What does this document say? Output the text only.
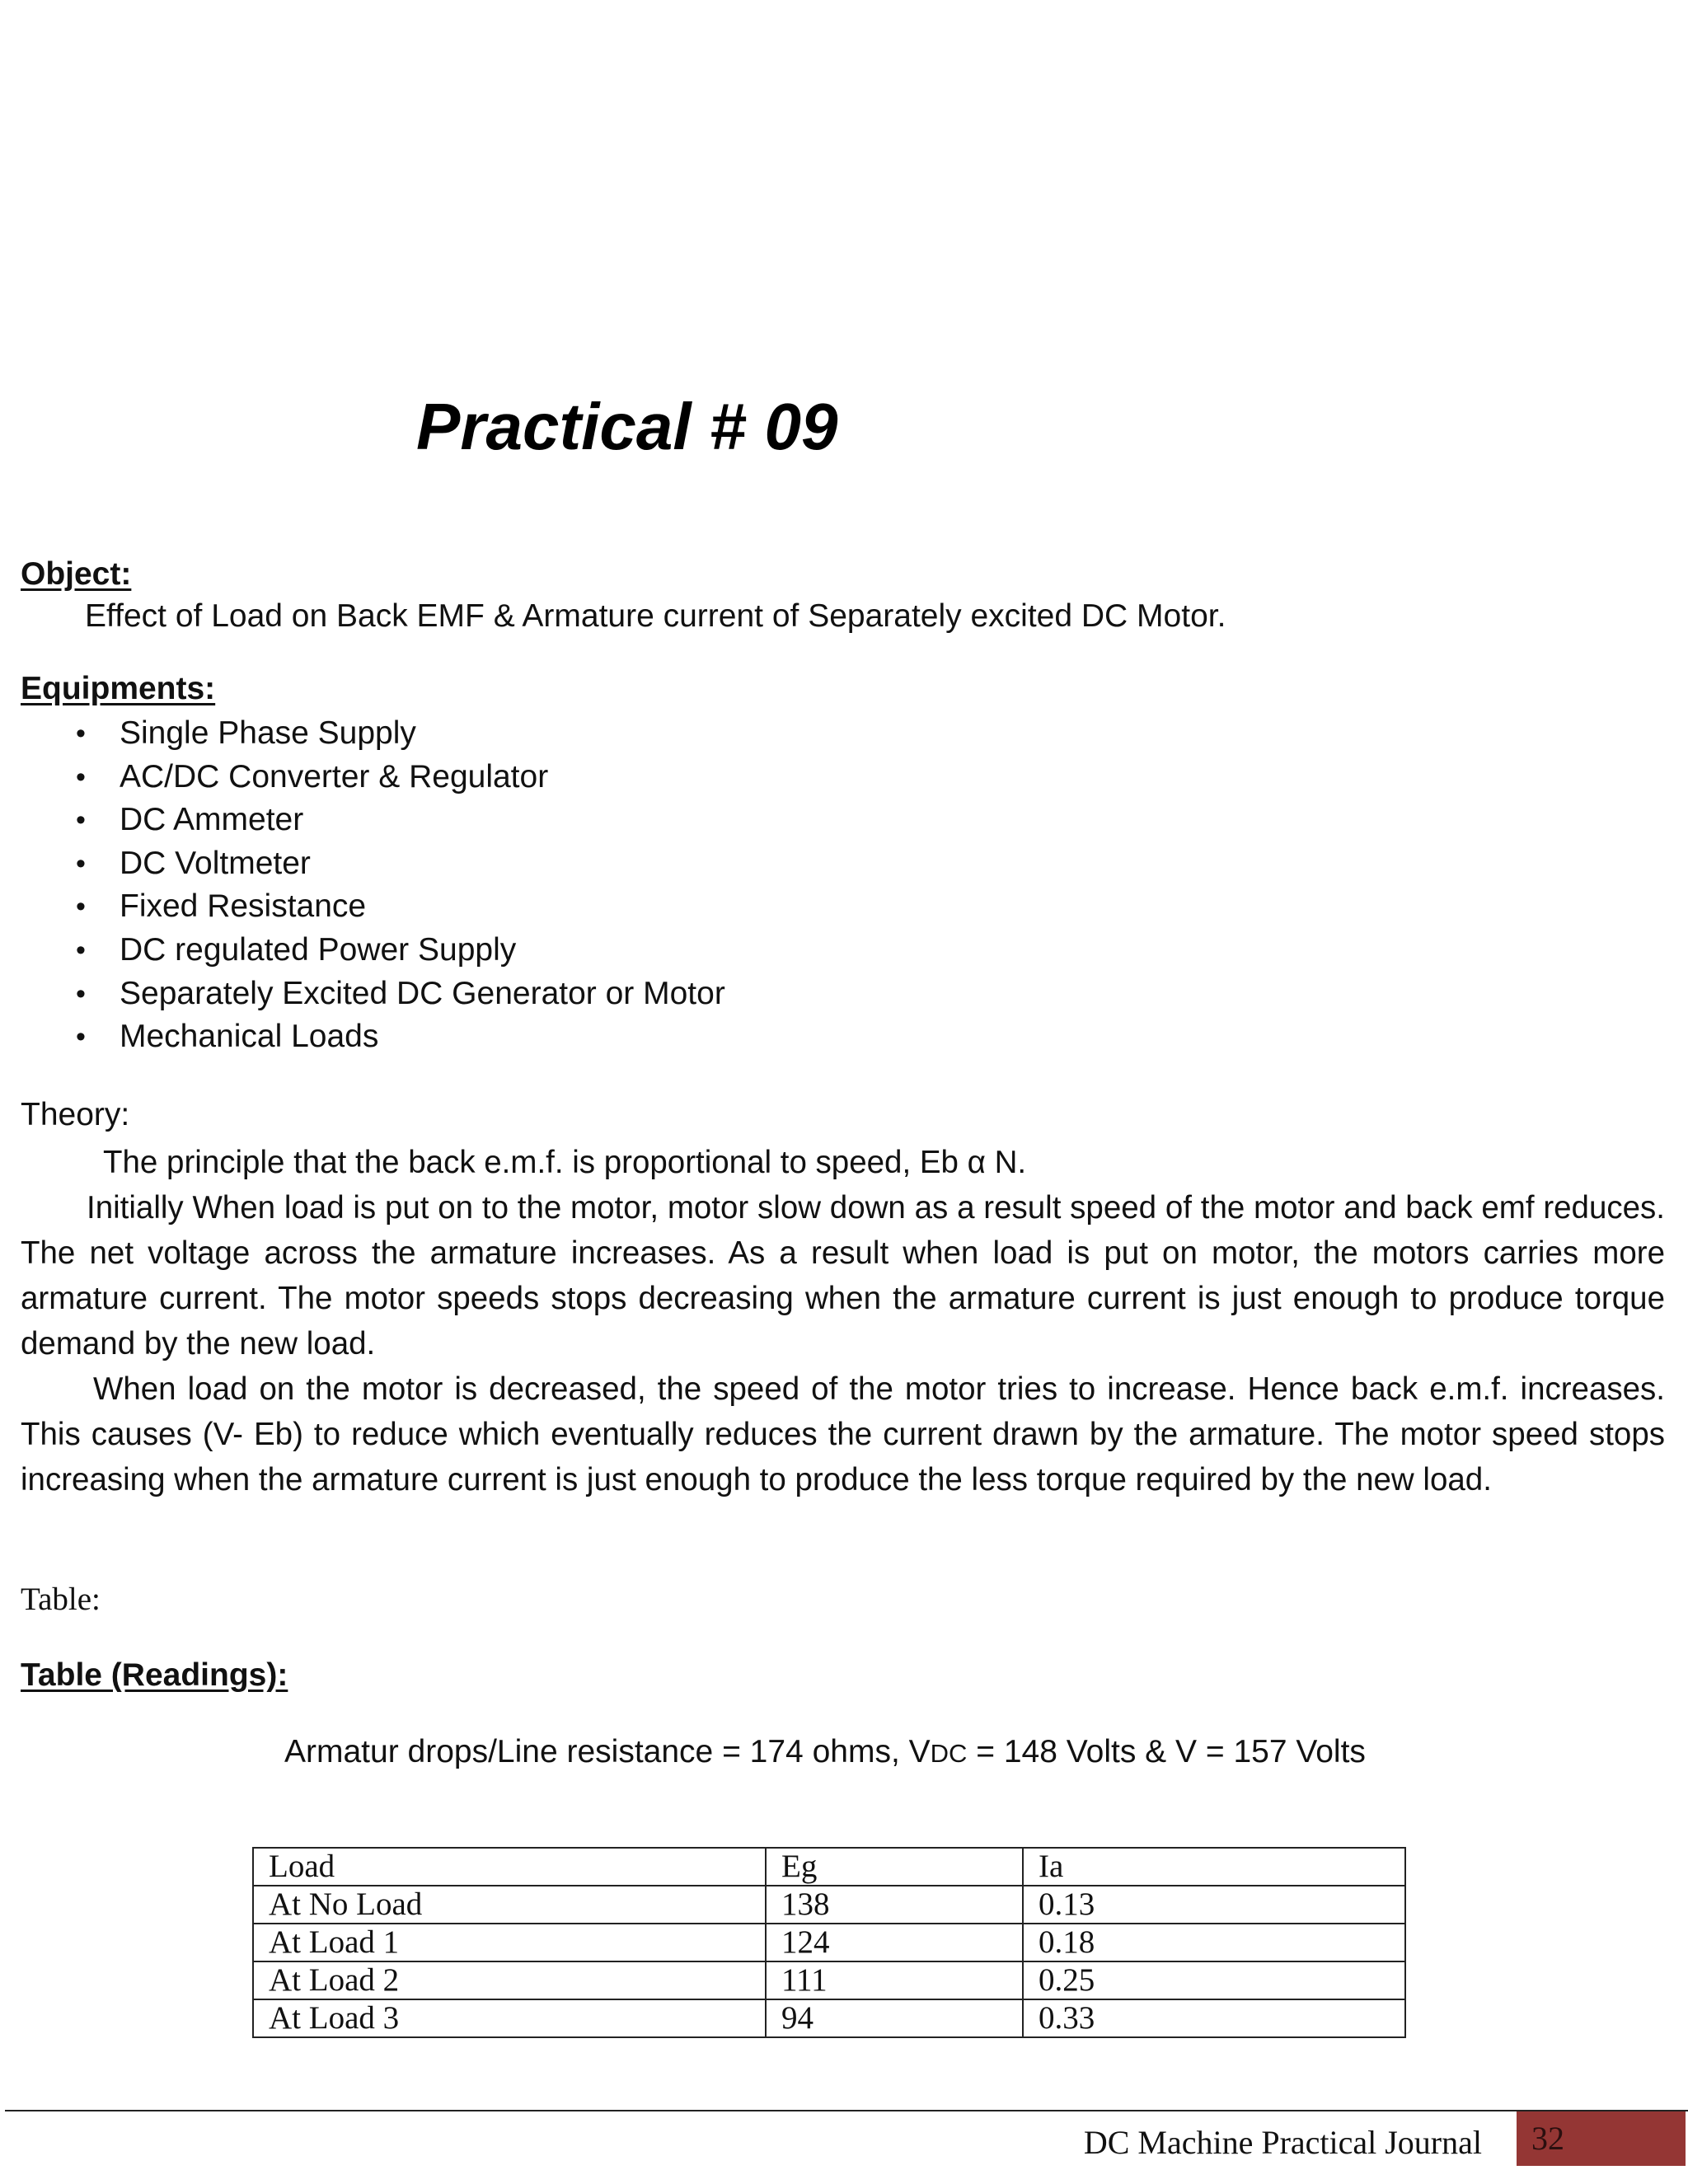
Practical # 09
Object:
Effect of Load on Back EMF & Armature current of Separately excited DC Motor.
Equipments:
• Single Phase Supply
• AC/DC Converter & Regulator
• DC Ammeter
• DC Voltmeter
• Fixed Resistance
• DC regulated Power Supply
• Separately Excited DC Generator or Motor
• Mechanical Loads
Theory:

The principle that the back e.m.f. is proportional to speed, Eb α N.

Initially When load is put on to the motor, motor slow down as a result speed of the motor and back emf reduces. The net voltage across the armature increases. As a result when load is put on motor, the motors carries more armature current. The motor speeds stops decreasing when the armature current is just enough to produce torque demand by the new load.

When load on the motor is decreased, the speed of the motor tries to increase. Hence back e.m.f. increases. This causes (V- Eb) to reduce which eventually reduces the current drawn by the armature. The motor speed stops increasing when the armature current is just enough to produce the less torque required by the new load.

Table:
Table (Readings):
Armatur drops/Line resistance = 174 ohms, VDC = 148 Volts & V = 157 Volts
Load	Eg	Ia
At No Load	138	0.13
At Load 1	124	0.18
At Load 2	111	0.25
At Load 3	94	0.33
DC Machine Practical Journal	32
